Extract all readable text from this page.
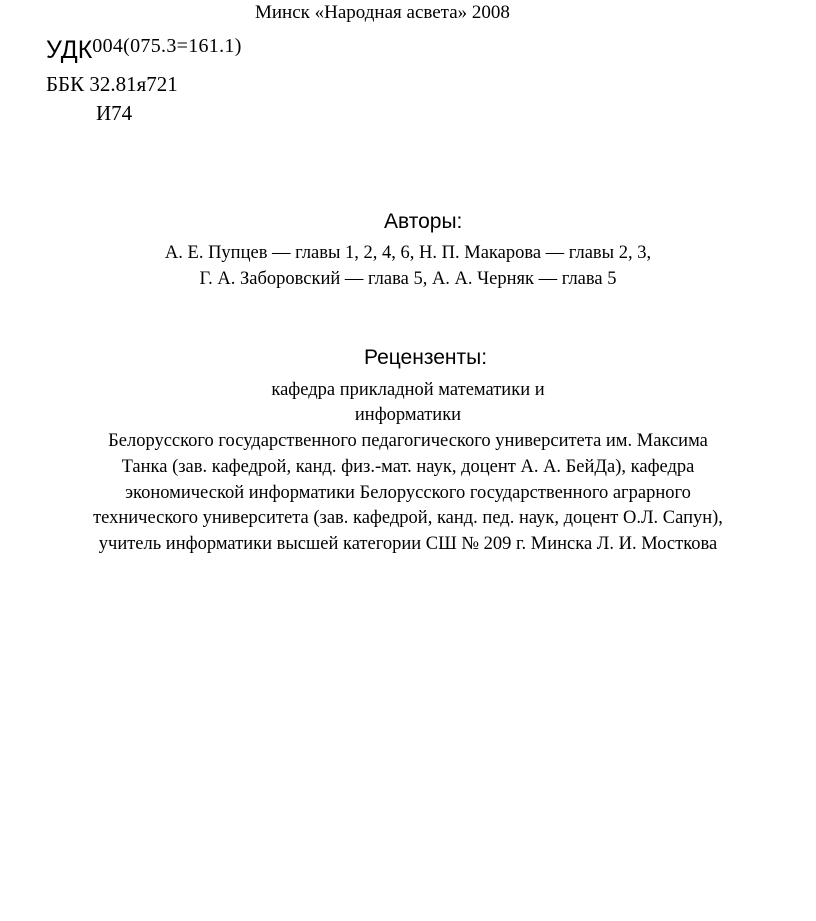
Минск «Народная асвета» 2008
УДК004(075.3=161.1)
ББК 32.81я721
И74
Авторы:
А. Е. Пупцев — главы 1, 2, 4, 6, Н. П. Макарова — главы 2, 3,
Г. А. Заборовский — глава 5, А. А. Черняк — глава 5
Рецензенты:
кафедра прикладной математики и
информатики
Белорусского государственного педагогического университета им. Максима
Танка (зав. кафедрой, канд. физ.-мат. наук, доцент А. А. БейДа), кафедра
экономической информатики Белорусского государственного аграрного
технического университета (зав. кафедрой, канд. пед. наук, доцент О.Л. Сапун),
учитель информатики высшей категории СШ № 209 г. Минска Л. И. Мосткова
